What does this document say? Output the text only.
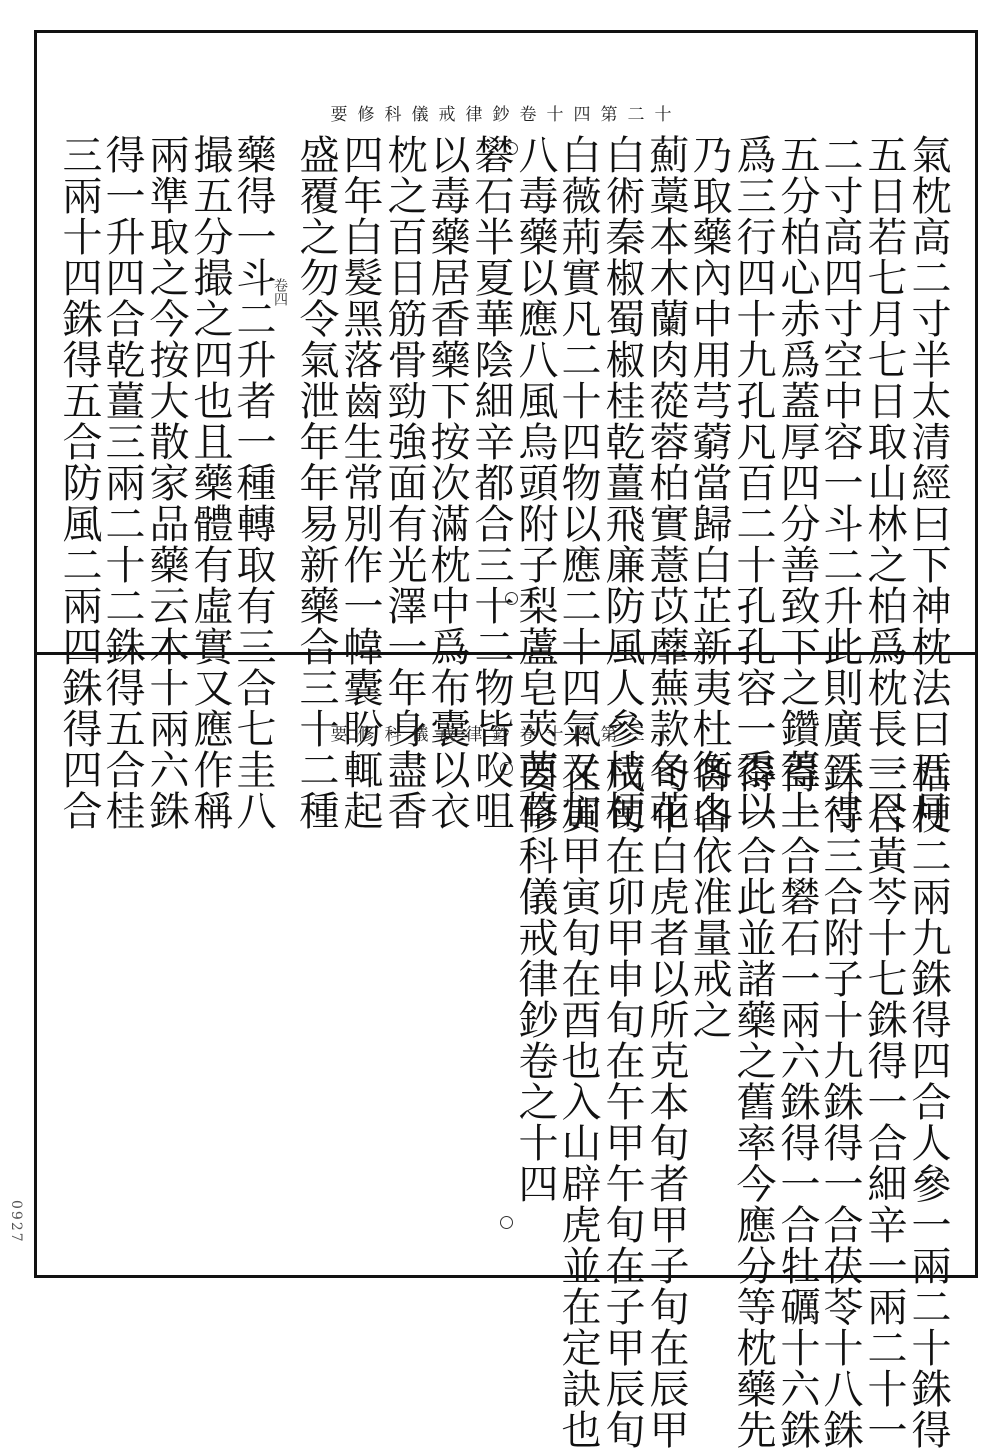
要修科儀戒律鈔卷十四第二十
卷四	氣枕高二寸半太清經曰下神枕法曰五月
五日若七月七日取山林之柏爲枕長一尺
二寸高四寸空中容一斗二升此則廣三寸
五分柏心赤爲蓋厚四分善致下之鑽蓋上
爲三行四十九孔凡百二十孔孔容一黍以
乃取藥內中用芎藭當歸白芷新夷杜衡山
薊藁本木蘭肉蓯蓉柏實薏苡蘼蕪款冬花
白術秦椒蜀椒桂乾薑飛廉防風人參桔梗
白薇荊實凡二十四物以應二十四氣又加
八毒藥以應八風烏頭附子梨蘆皂莢茵草
礬石半夏華陰細辛都合三十二物皆㕮咀
以毒藥居香藥下按次滿枕中爲布囊以衣
枕之百日筋骨勁強面有光澤一年身盡香
四年白髮黑落齒生常別作一幃囊盼輒起
盛覆之勿令氣泄年年易新藥合三十二種
藥得一斗二升者一種轉取有三合七圭八
撮五分撮之四也且藥體有虛實又應作稱
兩準取之今按大散家品藥云木十兩六銖
得一升四合乾薑三兩二十二銖得五合桂
三兩十四銖得五合防風二兩四銖得四合	要修科儀戒律鈔卷十四第三十
桔梗二兩九銖得四合人參一兩二十銖得
三合黃芩十七銖得一合細辛一兩二十一
銖得三合附子十九銖得一合茯苓十八銖
得一合礬石一兩六銖得一合牡礪十六銖
得一合此並諸藥之舊率今應分等枕藥先
各各依准量戒之
旬中白虎者以所克本旬者甲子旬在辰甲
戌旬在卯甲申旬在午甲午旬在子甲辰旬
在寅甲寅旬在酉也入山辟虎並在定訣也
要修科儀戒律鈔卷之十四
0927
